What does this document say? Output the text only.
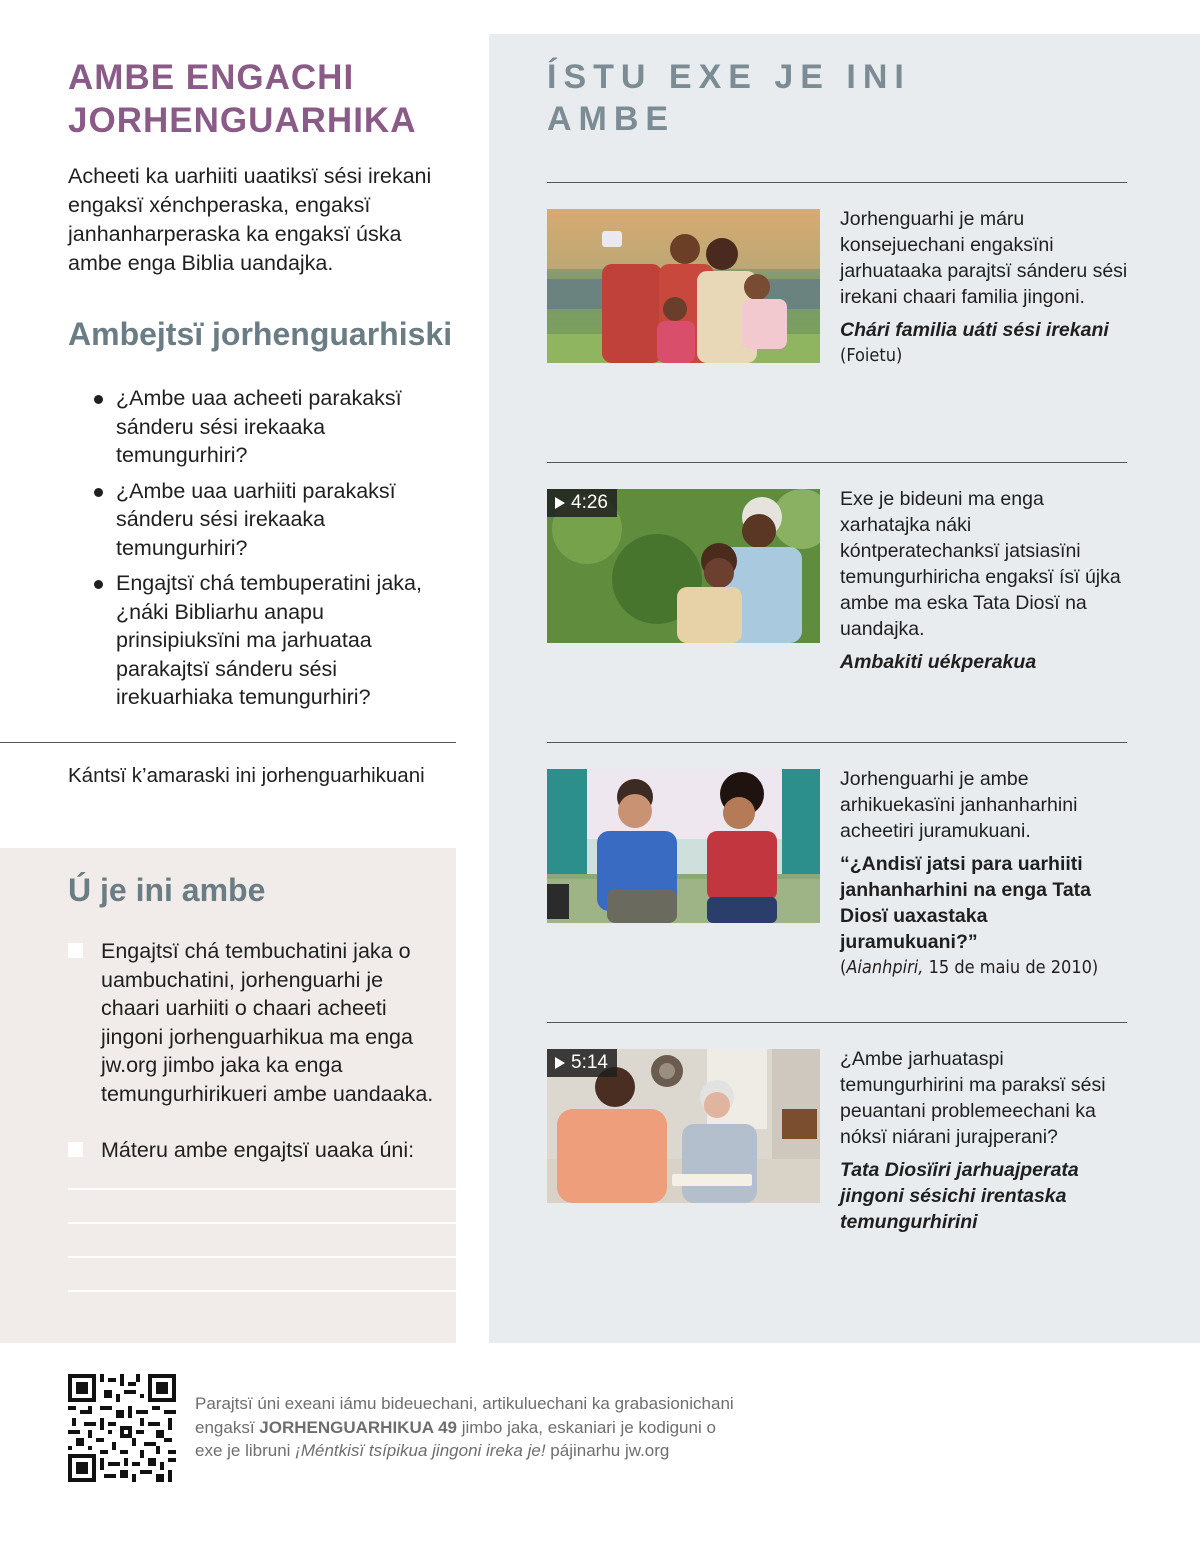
AMBE ENGACHI JORHENGUARHIKA

Acheeti ka uarhiiti uaatiksï sési irekani engaksï xénchperaska, engaksï janhanharperaska ka engaksï úska ambe enga Biblia uandajka.

Ambejtsï jorhenguarhiski
¿Ambe uaa acheeti parakaksï sánderu sési irekaaka temungurhiri?
¿Ambe uaa uarhiiti parakaksï sánderu sési irekaaka temungurhiri?
Engajtsï chá tembuperatini jaka, ¿náki Bibliarhu anapu prinsipiuksïni ma jarhuataa parakajtsï sánderu sési irekuarhiaka temungurhiri?

Kántsï k’amaraski ini jorhenguarhikuani

Ú je ini ambe
Engajtsï chá tembuchatini jaka o uambuchatini, jorhenguarhi je chaari uarhiiti o chaari acheeti jingoni jorhenguarhikua ma enga jw.org jimbo jaka ka enga temungurhirikueri ambe uandaaka.
Máteru ambe engajtsï uaaka úni:
ÍSTU EXE JE INI AMBE

Jorhenguarhi je máru konsejuechani engaksïni jarhuataaka parajtsï sánderu sési irekani chaari familia jingoni.

Chári familia uáti sési irekani

(Foietu)

4:26	Exe je bideuni ma enga xarhatajka náki kóntperatechanksï jatsiasïni temungurhiricha engaksï ísï újka ambe ma eska Tata Diosï na uandajka.

Ambakiti uékperakua

Jorhenguarhi je ambe arhikuekasïni janhanharhini acheetiri juramukuani.

“¿Andisï jatsi para uarhiiti janhanharhini na enga Tata Diosï uaxastaka juramukuani?”

(Aianhpiri, 15 de maiu de 2010)

5:14	¿Ambe jarhuataspi temungurhirini ma paraksï sési peuantani problemeechani ka nóksï niárani jurajperani?

Tata Diosïiri jarhuajperata jingoni sésichi irentaska temungurhirini

Parajtsï úni exeani iámu bideuechani, artikuluechani ka grabasionichani engaksï JORHENGUARHIKUA 49 jimbo jaka, eskaniari je kodiguni o exe je libruni ¡Méntkisï tsípikua jingoni ireka je! pájinarhu jw.org
